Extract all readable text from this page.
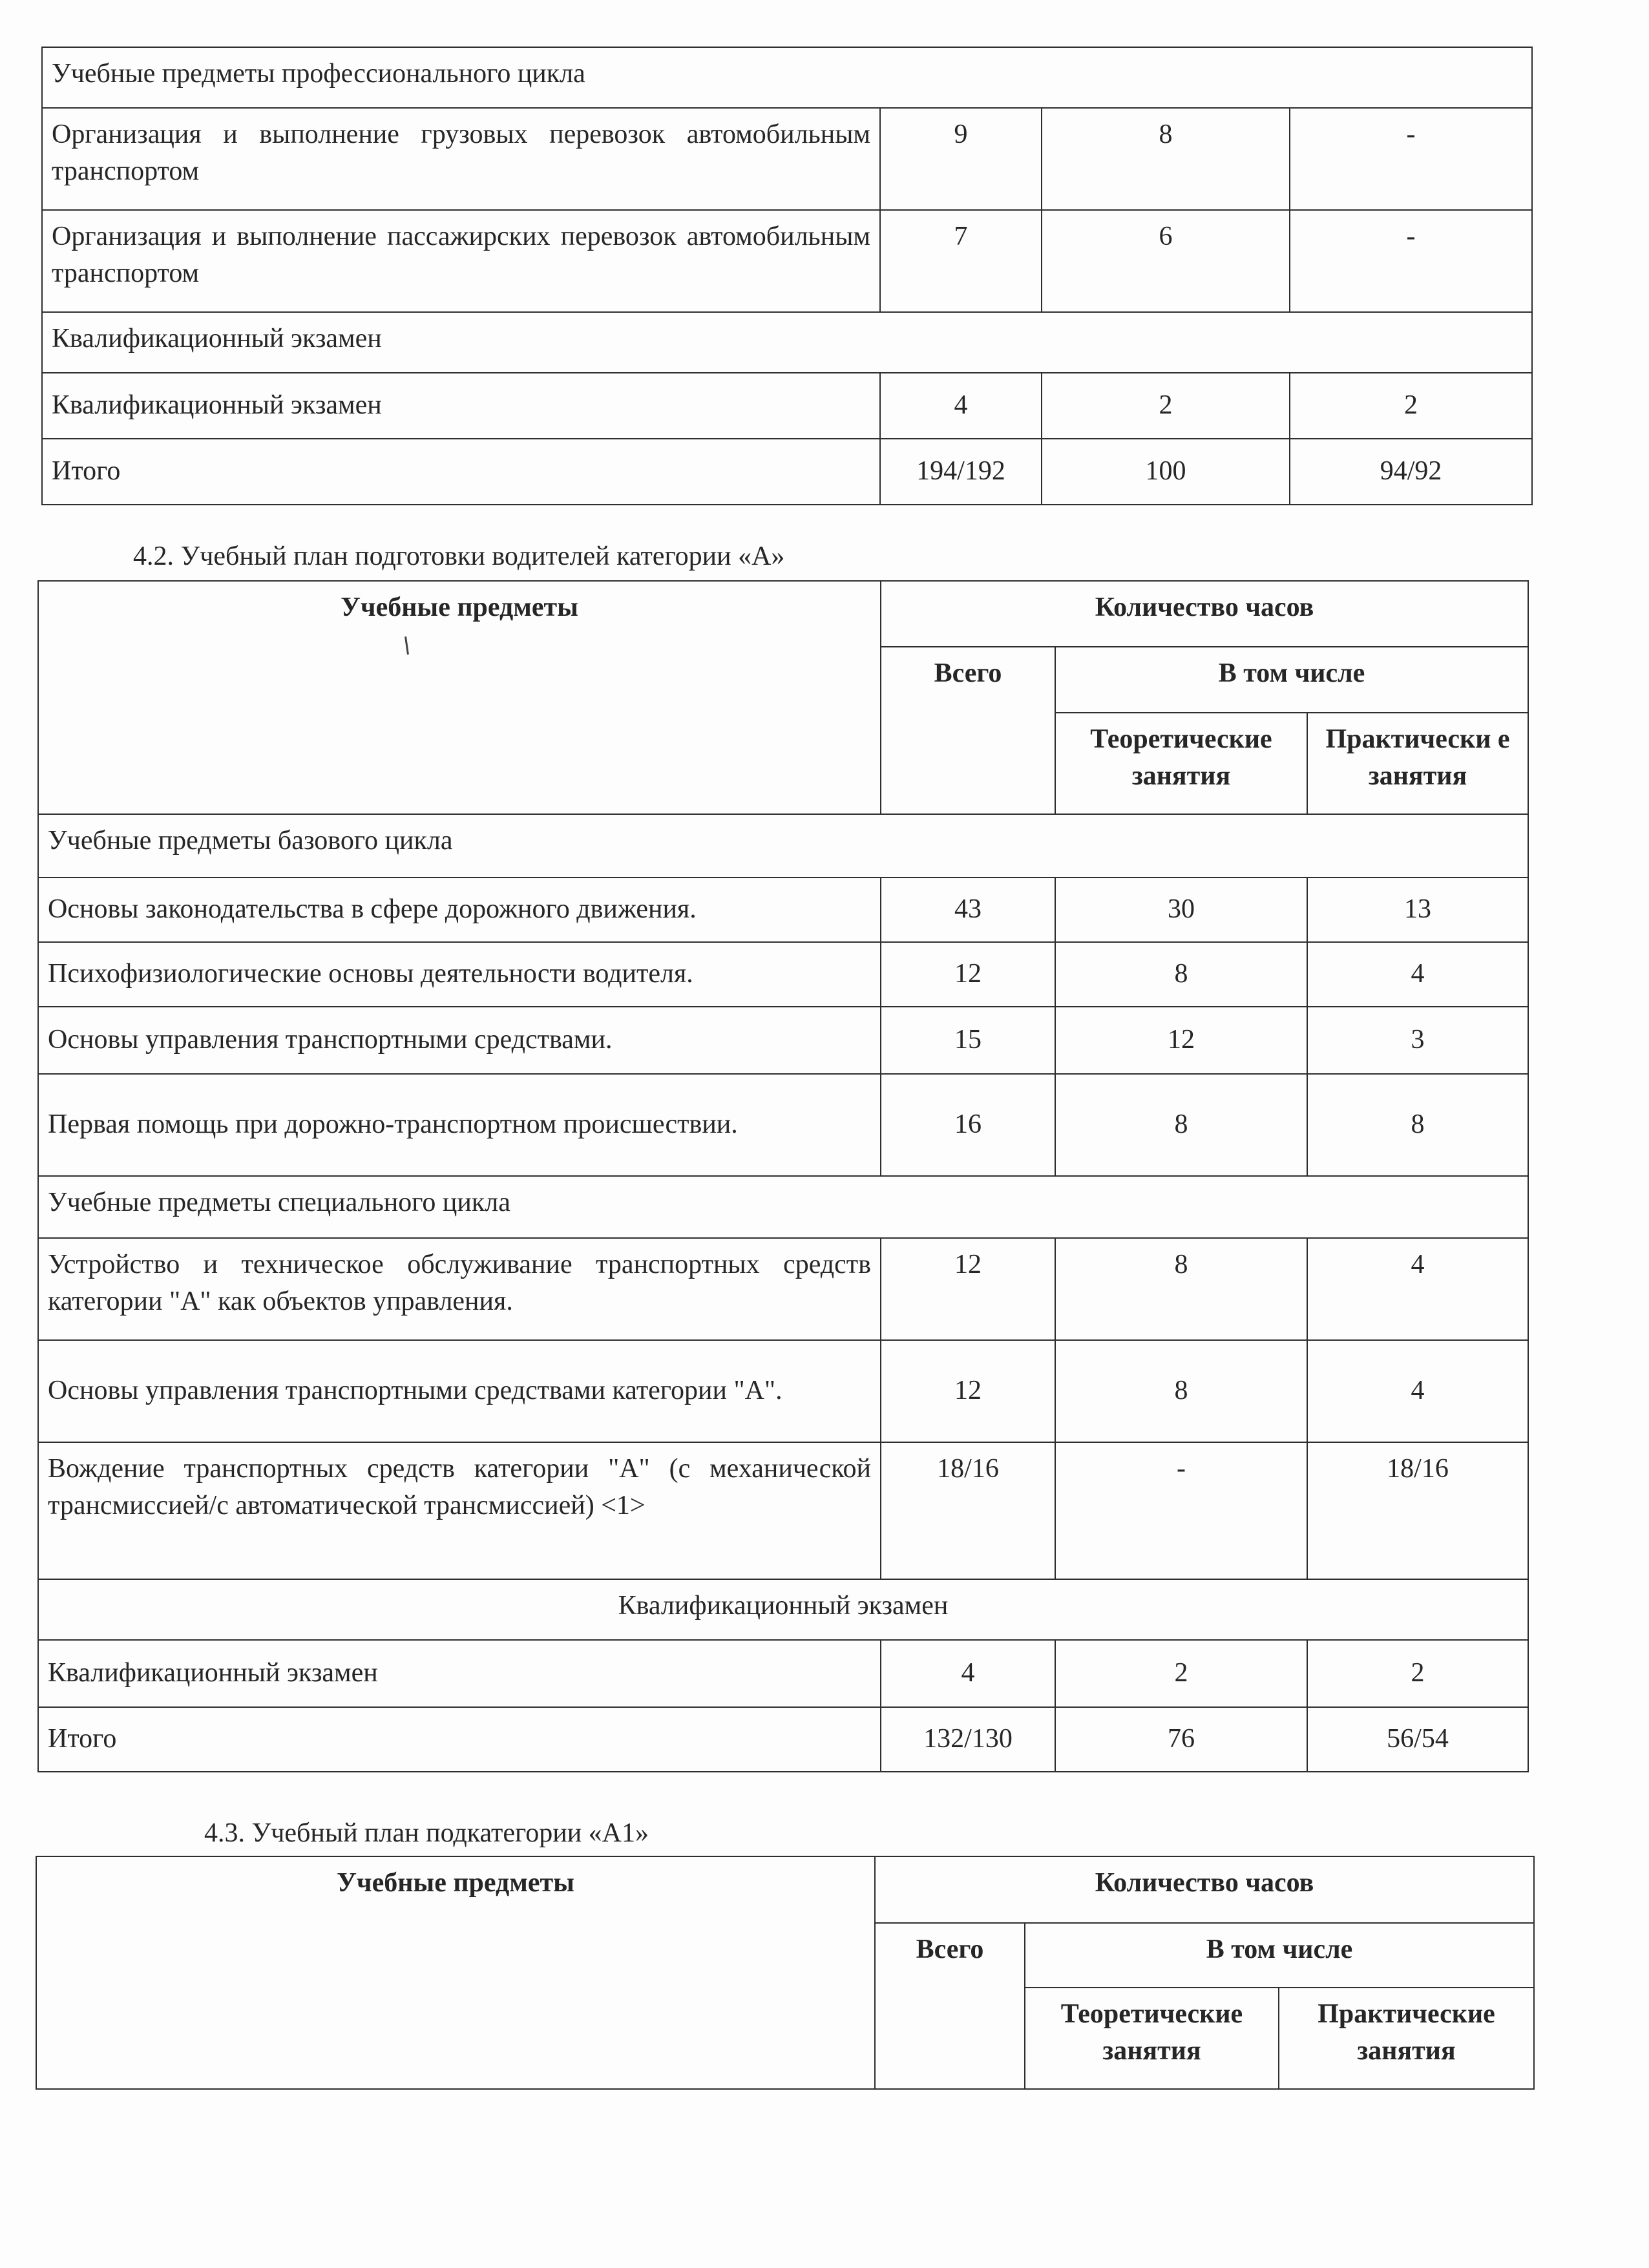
Учебные предметы профессионального цикла			
Организация и выполнение грузовых перевозок автомобильным транспортом	9	8	-
Организация и выполнение пассажирских перевозок автомобильным транспортом	7	6	-
Квалификационный экзамен			
Квалификационный экзамен	4	2	2
Итого	194/192	100	94/92
4.2. Учебный план подготовки водителей категории «А»
Учебные предметы	Количество часов		
	Всего	В том числе	
		Теоретические занятия	Практически е занятия
Учебные предметы базового цикла			
Основы законодательства в сфере дорожного движения.	43	30	13
Психофизиологические основы деятельности водителя.	12	8	4
Основы управления транспортными средствами.	15	12	3
Первая помощь при дорожно-транспортном происшествии.	16	8	8
Учебные предметы специального цикла			
Устройство и техническое обслуживание транспортных средств категории "А" как объектов управления.	12	8	4
Основы управления транспортными средствами категории "А".	12	8	4
Вождение транспортных средств категории "А" (с механической трансмиссией/с автоматической трансмиссией) <1>	18/16	-	18/16
Квалификационный экзамен			
Квалификационный экзамен	4	2	2
Итого	132/130	76	56/54
4.3. Учебный план подкатегории «А1»
Учебные предметы	Количество часов		
	Всего	В том числе	
		Теоретические занятия	Практические занятия
